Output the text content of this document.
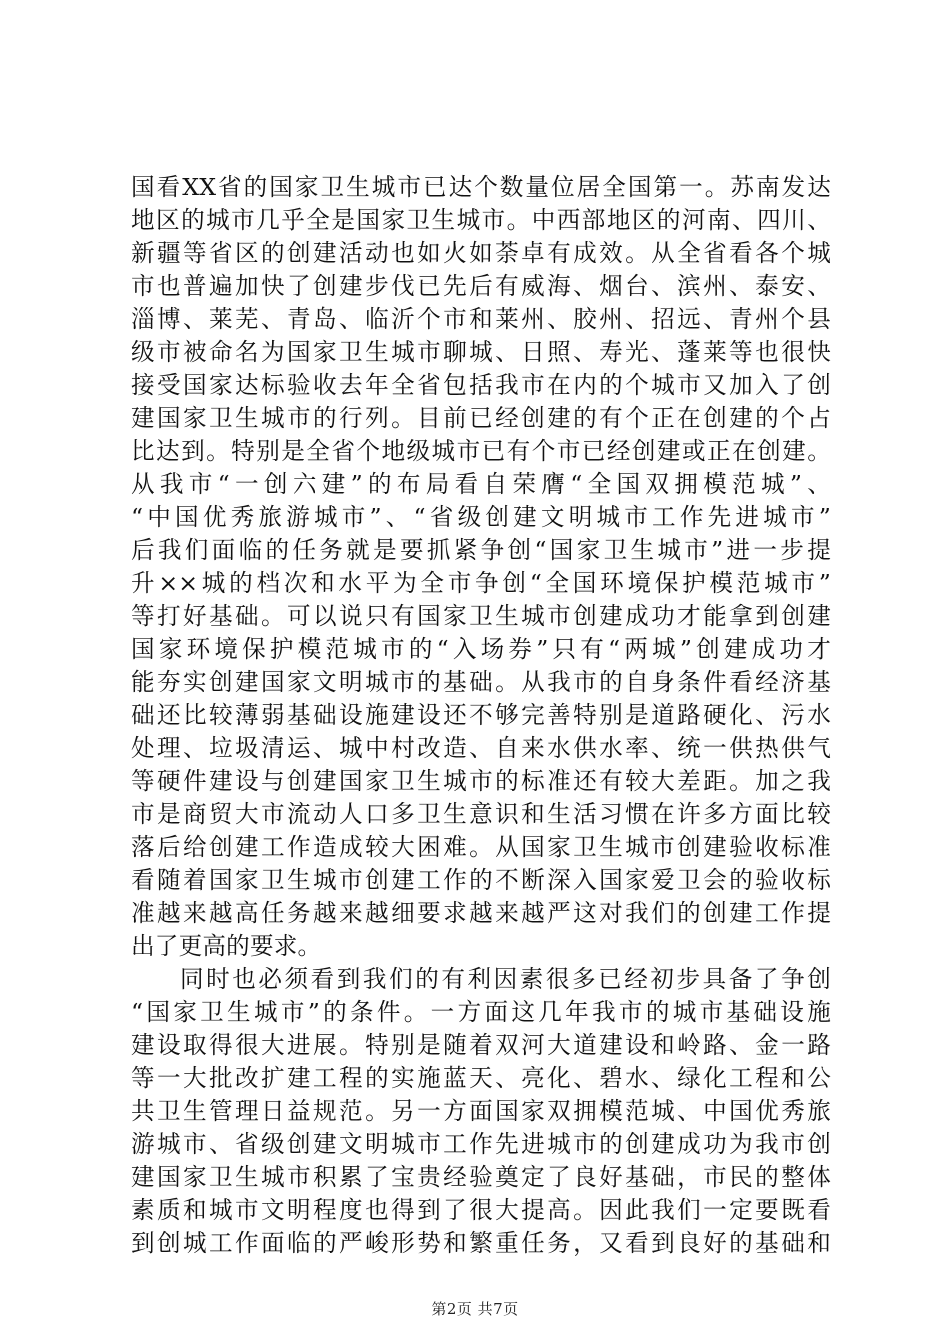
国看XX省的国家卫生城市已达个数量位居全国第一。苏南发达
地区的城市几乎全是国家卫生城市。中西部地区的河南、四川、
新疆等省区的创建活动也如火如荼卓有成效。从全省看各个城
市也普遍加快了创建步伐已先后有威海、烟台、滨州、泰安、
淄博、莱芜、青岛、临沂个市和莱州、胶州、招远、青州个县
级市被命名为国家卫生城市聊城、日照、寿光、蓬莱等也很快
接受国家达标验收去年全省包括我市在内的个城市又加入了创
建国家卫生城市的行列。目前已经创建的有个正在创建的个占
比达到。特别是全省个地级城市已有个市已经创建或正在创建。
从我市“一创六建”的布局看自荣膺“全国双拥模范城”、
“中国优秀旅游城市”、“省级创建文明城市工作先进城市”
后我们面临的任务就是要抓紧争创“国家卫生城市”进一步提
升××城的档次和水平为全市争创“全国环境保护模范城市”
等打好基础。可以说只有国家卫生城市创建成功才能拿到创建
国家环境保护模范城市的“入场券”只有“两城”创建成功才
能夯实创建国家文明城市的基础。从我市的自身条件看经济基
础还比较薄弱基础设施建设还不够完善特别是道路硬化、污水
处理、垃圾清运、城中村改造、自来水供水率、统一供热供气
等硬件建设与创建国家卫生城市的标准还有较大差距。加之我
市是商贸大市流动人口多卫生意识和生活习惯在许多方面比较
落后给创建工作造成较大困难。从国家卫生城市创建验收标准
看随着国家卫生城市创建工作的不断深入国家爱卫会的验收标
准越来越高任务越来越细要求越来越严这对我们的创建工作提
出了更高的要求。
同时也必须看到我们的有利因素很多已经初步具备了争创
“国家卫生城市”的条件。一方面这几年我市的城市基础设施
建设取得很大进展。特别是随着双河大道建设和岭路、金一路
等一大批改扩建工程的实施蓝天、亮化、碧水、绿化工程和公
共卫生管理日益规范。另一方面国家双拥模范城、中国优秀旅
游城市、省级创建文明城市工作先进城市的创建成功为我市创
建国家卫生城市积累了宝贵经验奠定了良好基础，市民的整体
素质和城市文明程度也得到了很大提高。因此我们一定要既看
到创城工作面临的严峻形势和繁重任务，又看到良好的基础和
第2页 共7页
